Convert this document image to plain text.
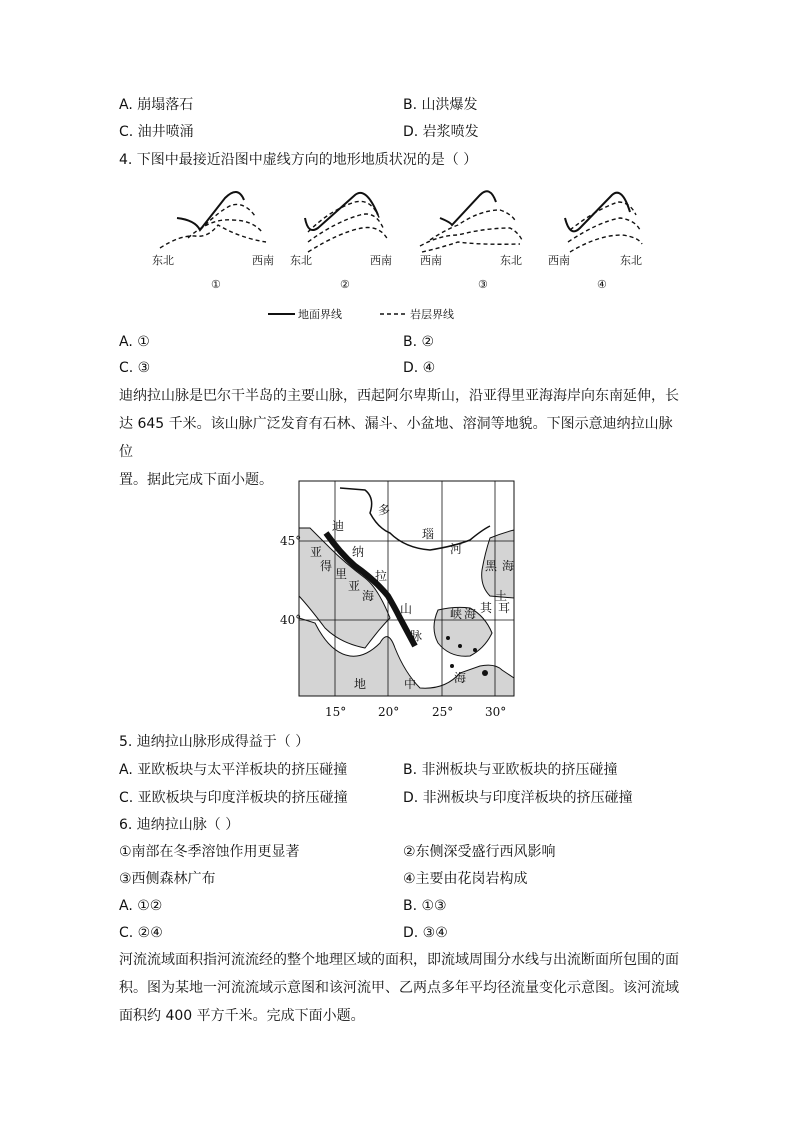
A. 崩塌落石	B. 山洪爆发
C. 油井喷涌	D. 岩浆喷发
4. 下图中最接近沿图中虚线方向的地形地质状况的是（ ）
东北	西南
①
东北	西南
②
西南	东北
③
西南	东北
④
地面界线	岩层界线
A. ①	B. ②
C. ③	D. ④
迪纳拉山脉是巴尔干半岛的主要山脉，西起阿尔卑斯山，沿亚得里亚海海岸向东南延伸，长
达 645 千米。该山脉广泛发育有石林、漏斗、小盆地、溶洞等地貌。下图示意迪纳拉山脉位
置。据此完成下面小题。
45°
40°
15°	20°	25°	30°
多
瑙
河
迪
纳
拉
山
脉
亚
得
里
亚
海
黑 海
土
耳
其
峡 海
地	中	海
5. 迪纳拉山脉形成得益于（ ）
A. 亚欧板块与太平洋板块的挤压碰撞	B. 非洲板块与亚欧板块的挤压碰撞
C. 亚欧板块与印度洋板块的挤压碰撞	D. 非洲板块与印度洋板块的挤压碰撞
6. 迪纳拉山脉（ ）
①南部在冬季溶蚀作用更显著	②东侧深受盛行西风影响
③西侧森林广布	④主要由花岗岩构成
A. ①②	B. ①③
C. ②④	D. ③④
河流流域面积指河流流经的整个地理区域的面积，即流域周围分水线与出流断面所包围的面
积。图为某地一河流流域示意图和该河流甲、乙两点多年平均径流量变化示意图。该河流域
面积约 400 平方千米。完成下面小题。
